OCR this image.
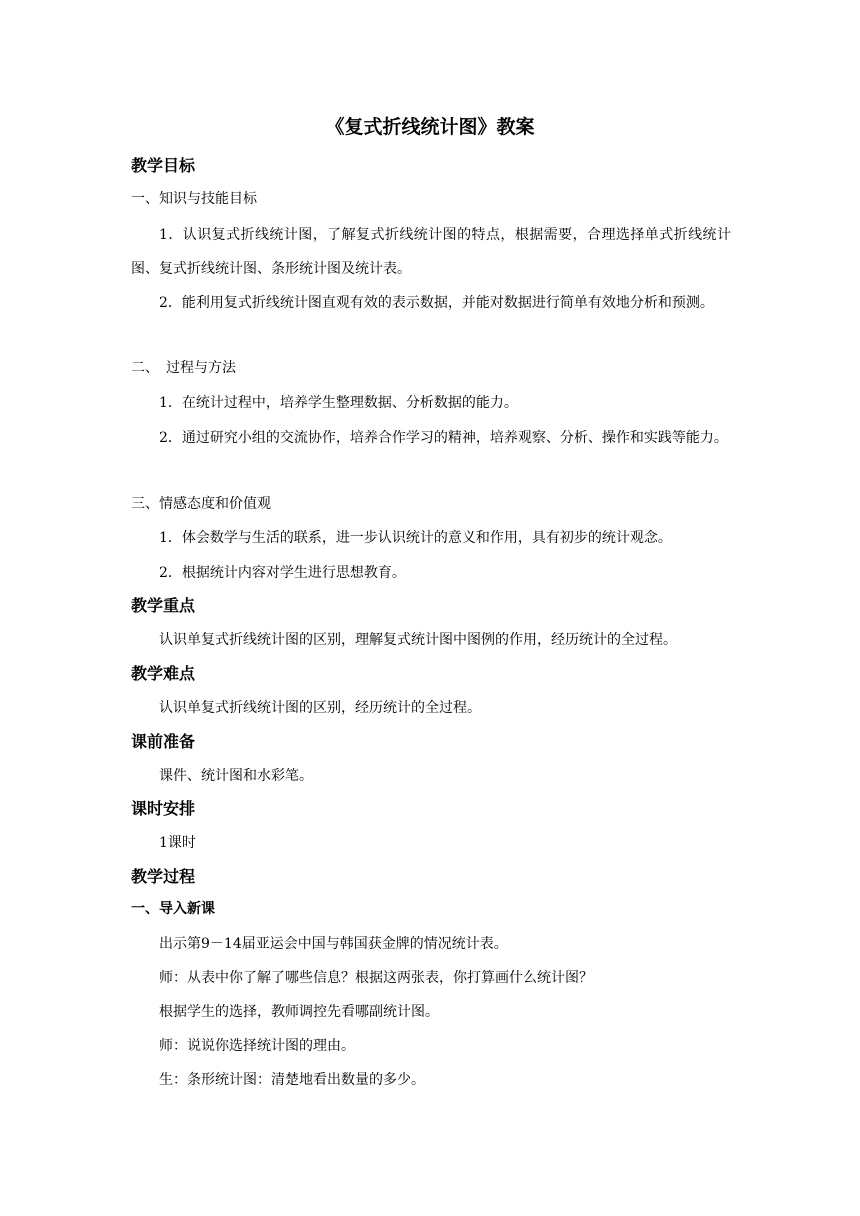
《复式折线统计图》教案
教学目标
一、知识与技能目标
1．认识复式折线统计图，了解复式折线统计图的特点，根据需要，合理选择单式折线统计图、复式折线统计图、条形统计图及统计表。
2．能利用复式折线统计图直观有效的表示数据，并能对数据进行简单有效地分析和预测。
二、　过程与方法
1．在统计过程中，培养学生整理数据、分析数据的能力。
2．通过研究小组的交流协作，培养合作学习的精神，培养观察、分析、操作和实践等能力。
三、情感态度和价值观
1．体会数学与生活的联系，进一步认识统计的意义和作用，具有初步的统计观念。
2．根据统计内容对学生进行思想教育。
教学重点
认识单复式折线统计图的区别，理解复式统计图中图例的作用，经历统计的全过程。
教学难点
认识单复式折线统计图的区别，经历统计的全过程。
课前准备
课件、统计图和水彩笔。
课时安排
1课时
教学过程
一、导入新课
出示第9－14届亚运会中国与韩国获金牌的情况统计表。
师：从表中你了解了哪些信息？根据这两张表，你打算画什么统计图？
根据学生的选择，教师调控先看哪副统计图。
师：说说你选择统计图的理由。
生：条形统计图：清楚地看出数量的多少。
